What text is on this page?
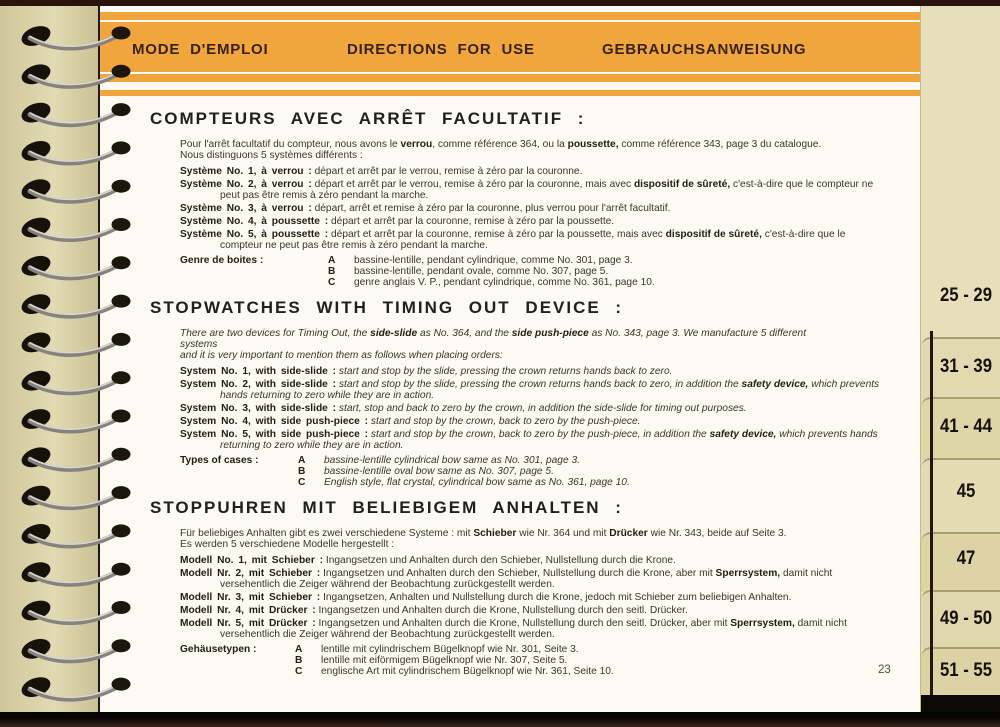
MODE D'EMPLOI	DIRECTIONS FOR USE	GEBRAUCHSANWEISUNG
COMPTEURS AVEC ARRÊT FACULTATIF :

Pour l'arrêt facultatif du compteur, nous avons le verrou, comme référence 364, ou la poussette, comme référence 343, page 3 du catalogue.
Nous distinguons 5 systèmes différents :

Système No. 1, à verrou : départ et arrêt par le verrou, remise à zéro par la couronne.

Système No. 2, à verrou : départ et arrêt par le verrou, remise à zéro par la couronne, mais avec dispositif de sûreté, c'est-à-dire que le compteur ne peut pas être remis à zéro pendant la marche.

Système No. 3, à verrou : départ, arrêt et remise à zéro par la couronne, plus verrou pour l'arrêt facultatif.

Système No. 4, à poussette : départ et arrêt par la couronne, remise à zéro par la poussette.

Système No. 5, à poussette : départ et arrêt par la couronne, remise à zéro par la poussette, mais avec dispositif de sûreté, c'est-à-dire que le compteur ne peut pas être remis à zéro pendant la marche.

Genre de boites :	A	bassine-lentille, pendant cylindrique, comme No. 301, page 3.
B	bassine-lentille, pendant ovale, comme No. 307, page 5.
C	genre anglais V. P., pendant cylindrique, comme No. 361, page 10.
STOPWATCHES WITH TIMING OUT DEVICE :

There are two devices for Timing Out, the side-slide as No. 364, and the side push-piece as No. 343, page 3. We manufacture 5 different systems
and it is very important to mention them as follows when placing orders:

System No. 1, with side-slide : start and stop by the slide, pressing the crown returns hands back to zero.

System No. 2, with side-slide : start and stop by the slide, pressing the crown returns hands back to zero, in addition the safety device, which prevents hands returning to zero while they are in action.

System No. 3, with side-slide : start, stop and back to zero by the crown, in addition the side-slide for timing out purposes.

System No. 4, with side push-piece : start and stop by the crown, back to zero by the push-piece.

System No. 5, with side push-piece : start and stop by the crown, back to zero by the push-piece, in addition the safety device, which prevents hands returning to zero while they are in action.

Types of cases :	A	bassine-lentille cylindrical bow same as No. 301, page 3.
B	bassine-lentille oval bow same as No. 307, page 5.
C	English style, flat crystal, cylindrical bow same as No. 361, page 10.
STOPPUHREN MIT BELIEBIGEM ANHALTEN :

Für beliebiges Anhalten gibt es zwei verschiedene Systeme : mit Schieber wie Nr. 364 und mit Drücker wie Nr. 343, beide auf Seite 3.
Es werden 5 verschiedene Modelle hergestellt :

Modell No. 1, mit Schieber : Ingangsetzen und Anhalten durch den Schieber, Nullstellung durch die Krone.

Modell Nr. 2, mit Schieber : Ingangsetzen und Anhalten durch den Schieber, Nullstellung durch die Krone, aber mit Sperrsystem, damit nicht versehentlich die Zeiger während der Beobachtung zurückgestellt werden.

Modell Nr. 3, mit Schieber : Ingangsetzen, Anhalten und Nullstellung durch die Krone, jedoch mit Schieber zum beliebigen Anhalten.

Modell Nr. 4, mit Drücker : Ingangsetzen und Anhalten durch die Krone, Nullstellung durch den seitl. Drücker.

Modell Nr. 5, mit Drücker : Ingangsetzen und Anhalten durch die Krone, Nullstellung durch den seitl. Drücker, aber mit Sperrsystem, damit nicht versehentlich die Zeiger während der Beobachtung zurückgestellt werden.

Gehäusetypen :	A	lentille mit cylindrischem Bügelknopf wie Nr. 301, Seite 3.
B	lentille mit eiförmigem Bügelknopf wie Nr. 307, Seite 5.
C	englische Art mit cylindrischem Bügelknopf wie Nr. 361, Seite 10.	23
25 - 29
31 - 39
41 - 44
45
47
49 - 50
51 - 55
